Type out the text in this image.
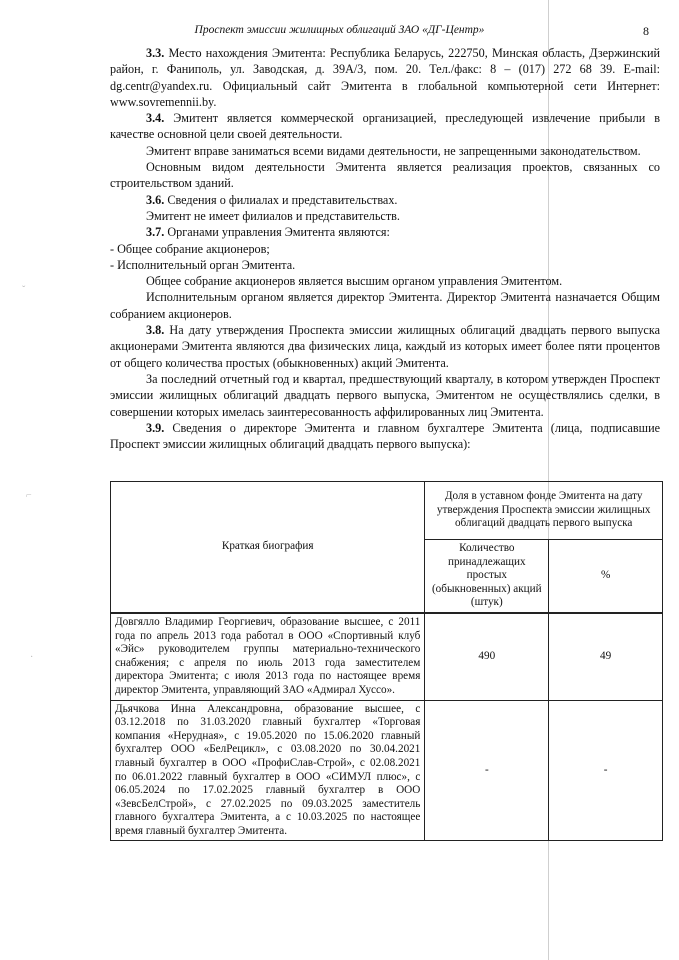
ˇ
⌐
·
Проспект эмиссии жилищных облигаций ЗАО «ДГ-Центр»	8

3.3. Место нахождения Эмитента: Республика Беларусь, 222750, Минская область, Дзержинский район, г. Фаниполь, ул. Заводская, д. 39А/3, пом. 20. Тел./факс: 8 – (017) 272 68 39. E-mail: dg.centr@yandex.ru. Официальный сайт Эмитента в глобальной компьютерной сети Интернет: www.sovremennii.by.

3.4. Эмитент является коммерческой организацией, преследующей извлечение прибыли в качестве основной цели своей деятельности.

Эмитент вправе заниматься всеми видами деятельности, не запрещенными законодательством.

Основным видом деятельности Эмитента является реализация проектов, связанных со строительством зданий.

3.6. Сведения о филиалах и представительствах.

Эмитент не имеет филиалов и представительств.

3.7. Органами управления Эмитента являются:

- Общее собрание акционеров;

- Исполнительный орган Эмитента.

Общее собрание акционеров является высшим органом управления Эмитентом.

Исполнительным органом является директор Эмитента. Директор Эмитента назначается Общим собранием акционеров.

3.8. На дату утверждения Проспекта эмиссии жилищных облигаций двадцать первого выпуска акционерами Эмитента являются два физических лица, каждый из которых имеет более пяти процентов от общего количества простых (обыкновенных) акций Эмитента.

За последний отчетный год и квартал, предшествующий кварталу, в котором утвержден Проспект эмиссии жилищных облигаций двадцать первого выпуска, Эмитентом не осуществлялись сделки, в совершении которых имелась заинтересованность аффилированных лиц Эмитента.

3.9. Сведения о директоре Эмитента и главном бухгалтере Эмитента (лица, подписавшие Проспект эмиссии жилищных облигаций двадцать первого выпуска):

Краткая биография	Доля в уставном фонде Эмитента на дату утверждения Проспекта эмиссии жилищных облигаций двадцать первого выпуска	
	Количество принадлежащих простых (обыкновенных) акций (штук)	%
Довгялло Владимир Георгиевич, образование высшее, с 2011 года по апрель 2013 года работал в ООО «Спортивный клуб «Эйс» руководителем группы материально-технического снабжения; с апреля по июль 2013 года заместителем директора Эмитента; с июля 2013 года по настоящее время директор Эмитента, управляющий ЗАО «Адмирал Хуссо».	490	49
Дьячкова Инна Александровна, образование высшее, с 03.12.2018 по 31.03.2020 главный бухгалтер «Торговая компания «Нерудная», с 19.05.2020 по 15.06.2020 главный бухгалтер ООО «БелРецикл», с 03.08.2020 по 30.04.2021 главный бухгалтер в ООО «ПрофиСлав-Строй», с 02.08.2021 по 06.01.2022 главный бухгалтер в ООО «СИМУЛ плюс», с 06.05.2024 по 17.02.2025 главный бухгалтер в ООО «ЗевсБелСтрой», с 27.02.2025 по 09.03.2025 заместитель главного бухгалтера Эмитента, а с 10.03.2025 по настоящее время главный бухгалтер Эмитента.	-	-
